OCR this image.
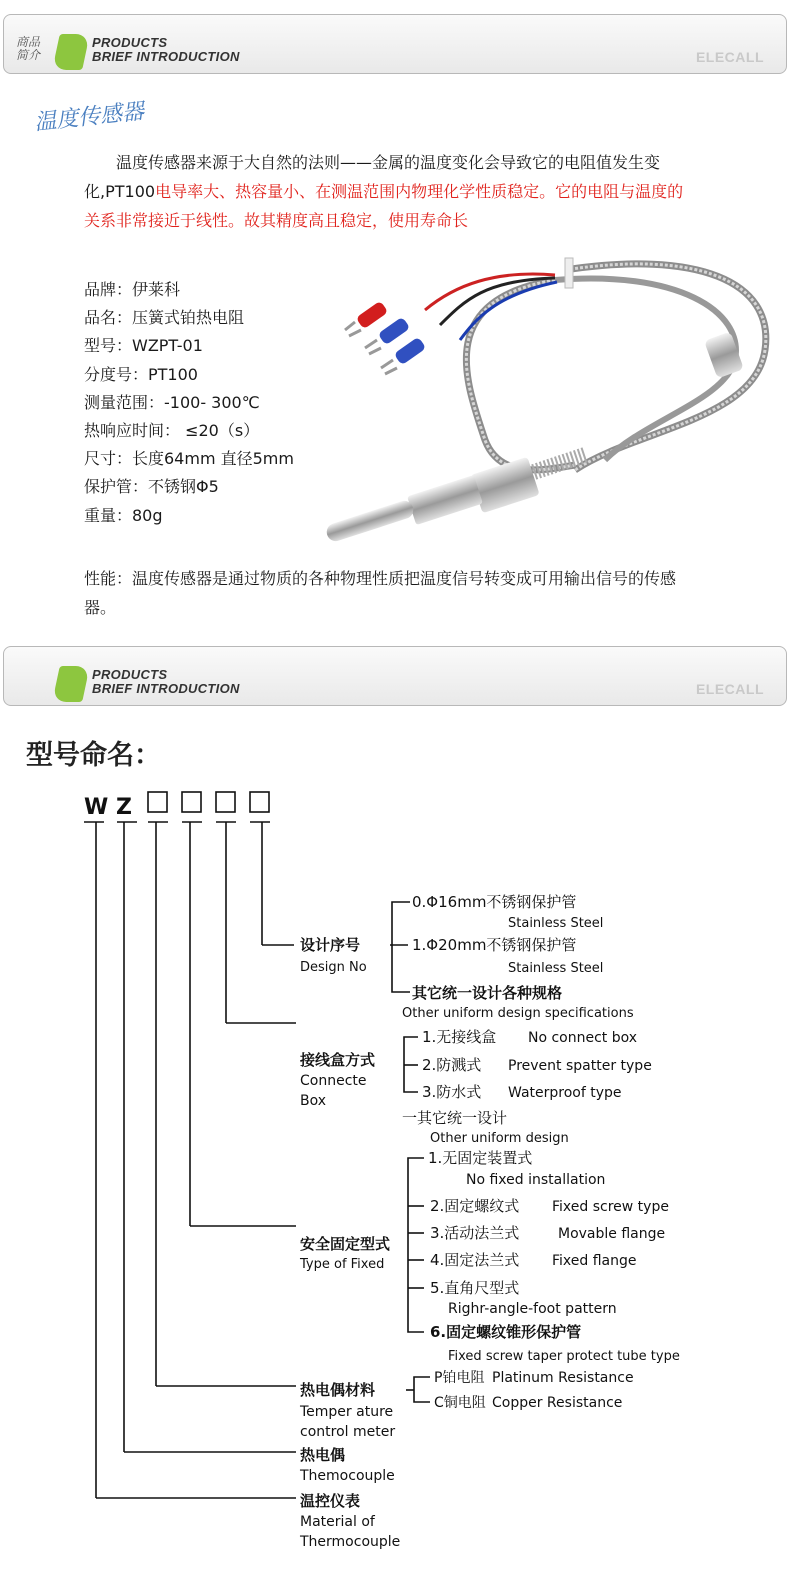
商品
简介
PRODUCTS
BRIEF INTRODUCTION	ELECALL
温度传感器
  温度传感器来源于大自然的法则——金属的温度变化会导致它的电阻值发生变化,PT100电导率大、热容量小、在测温范围内物理化学性质稳定。它的电阻与温度的关系非常接近于线性。故其精度高且稳定，使用寿命长
品牌：伊莱科
品名：压簧式铂热电阻
型号：WZPT-01
分度号：PT100
测量范围：-100- 300℃
热响应时间： ≤20（s）
尺寸：长度64mm 直径5mm
保护管：不锈钢Φ5
重量：80g
性能：温度传感器是通过物质的各种物理性质把温度信号转变成可用输出信号的传感器。
PRODUCTS
BRIEF INTRODUCTION	ELECALL
型号命名：
W Z
0.Φ16mm不锈钢保护管
Stainless Steel
1.Φ20mm不锈钢保护管
Stainless Steel
其它统一设计各种规格
Other uniform design specifications
设计序号
Design No
接线盒方式
Connecte
Box
1.无接线盒 No connect box
2.防溅式 Prevent spatter type
3.防水式 Waterproof type
一其它统一设计
Other uniform design
安全固定型式
Type of Fixed
1.无固定装置式
No fixed installation
2.固定螺纹式 Fixed screw type
3.活动法兰式	Movable flange
4.固定法兰式 Fixed flange
5.直角尺型式
Righr-angle-foot pattern
6.固定螺纹锥形保护管
Fixed screw taper protect tube type
热电偶材料
Temper ature
control meter
P铂电阻 Platinum Resistance
C铜电阻 Copper Resistance
热电偶
Themocouple
温控仪表
Material of
Thermocouple
